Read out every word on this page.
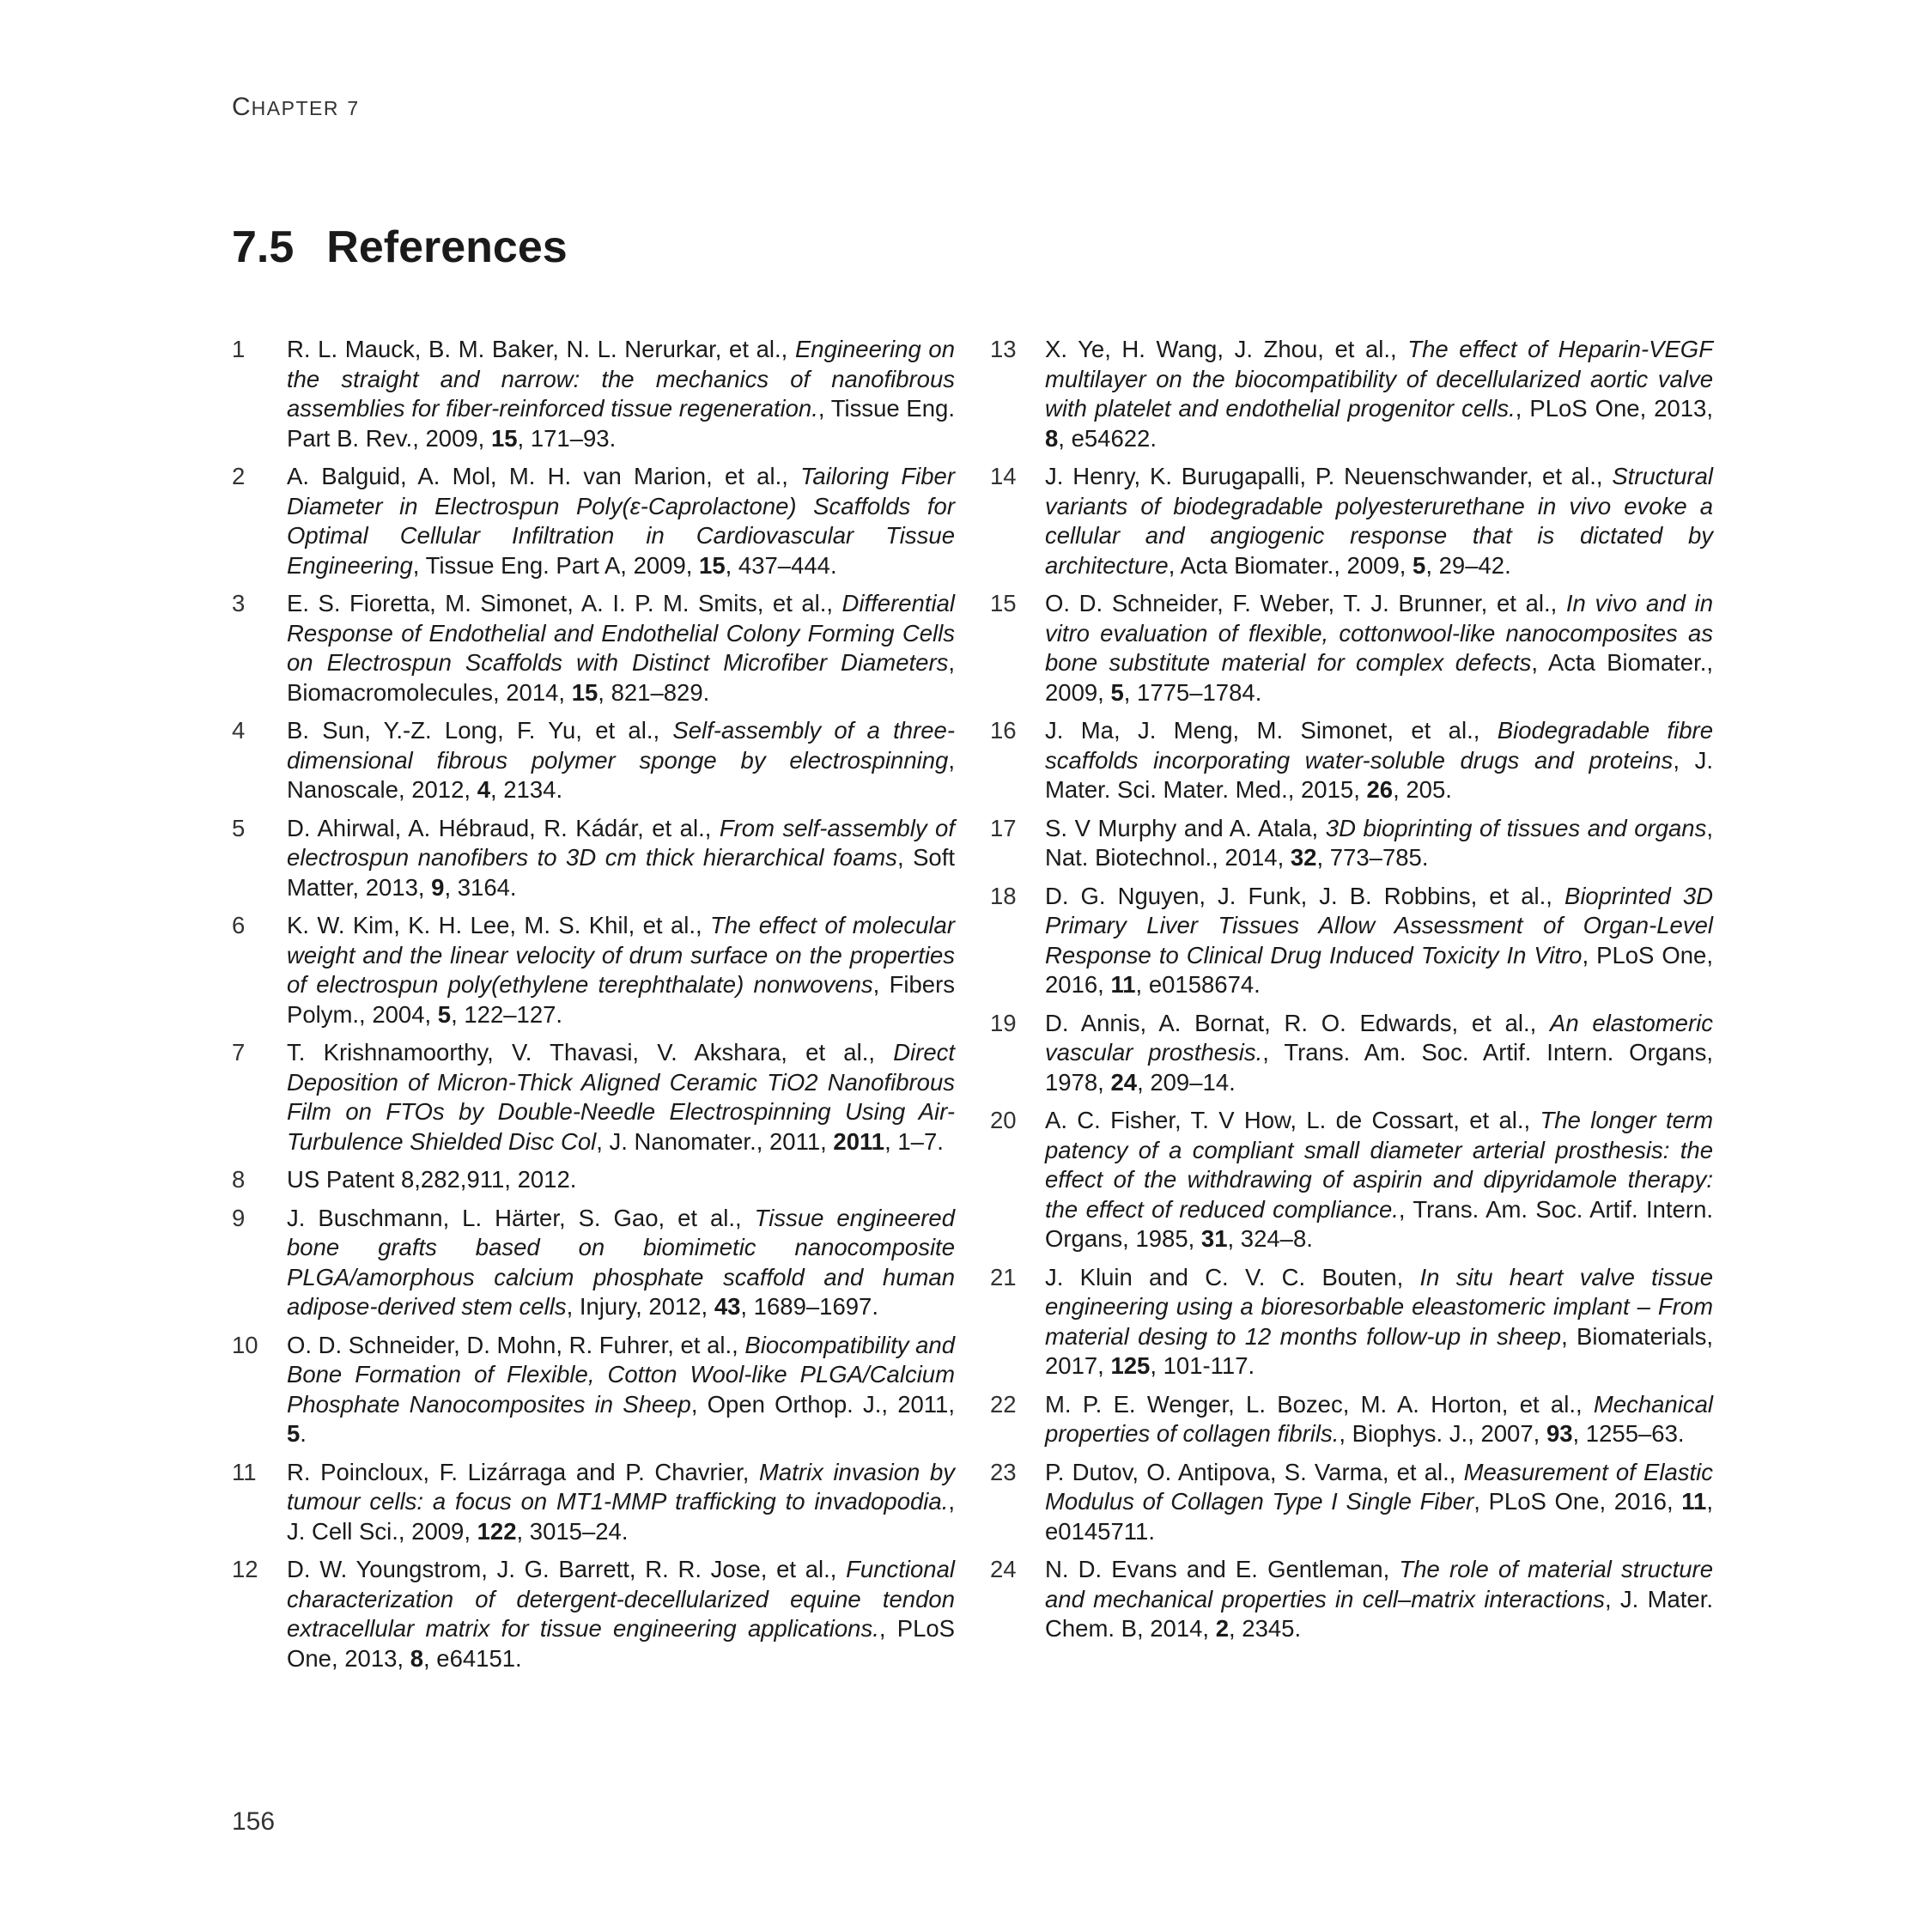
CHAPTER 7
7.5 References
1	R. L. Mauck, B. M. Baker, N. L. Nerurkar, et al., Engineering on the straight and narrow: the mechanics of nanofibrous assemblies for fiber-reinforced tissue regeneration., Tissue Eng. Part B. Rev., 2009, 15, 171–93.
2	A. Balguid, A. Mol, M. H. van Marion, et al., Tailoring Fiber Diameter in Electrospun Poly(ε-Caprolactone) Scaffolds for Optimal Cellular Infiltration in Cardiovascular Tissue Engineering, Tissue Eng. Part A, 2009, 15, 437–444.
3	E. S. Fioretta, M. Simonet, A. I. P. M. Smits, et al., Differential Response of Endothelial and Endothelial Colony Forming Cells on Electrospun Scaffolds with Distinct Microfiber Diameters, Biomacromolecules, 2014, 15, 821–829.
4	B. Sun, Y.-Z. Long, F. Yu, et al., Self-assembly of a three-dimensional fibrous polymer sponge by electrospinning, Nanoscale, 2012, 4, 2134.
5	D. Ahirwal, A. Hébraud, R. Kádár, et al., From self-assembly of electrospun nanofibers to 3D cm thick hierarchical foams, Soft Matter, 2013, 9, 3164.
6	K. W. Kim, K. H. Lee, M. S. Khil, et al., The effect of molecular weight and the linear velocity of drum surface on the properties of electrospun poly(ethylene terephthalate) nonwovens, Fibers Polym., 2004, 5, 122–127.
7	T. Krishnamoorthy, V. Thavasi, V. Akshara, et al., Direct Deposition of Micron-Thick Aligned Ceramic TiO2 Nanofibrous Film on FTOs by Double-Needle Electrospinning Using Air-Turbulence Shielded Disc Col, J. Nanomater., 2011, 2011, 1–7.
8	US Patent 8,282,911, 2012.
9	J. Buschmann, L. Härter, S. Gao, et al., Tissue engineered bone grafts based on biomimetic nanocomposite PLGA/amorphous calcium phosphate scaffold and human adipose-derived stem cells, Injury, 2012, 43, 1689–1697.
10	O. D. Schneider, D. Mohn, R. Fuhrer, et al., Biocompatibility and Bone Formation of Flexible, Cotton Wool-like PLGA/Calcium Phosphate Nanocomposites in Sheep, Open Orthop. J., 2011, 5.
11	R. Poincloux, F. Lizárraga and P. Chavrier, Matrix invasion by tumour cells: a focus on MT1-MMP trafficking to invadopodia., J. Cell Sci., 2009, 122, 3015–24.
12	D. W. Youngstrom, J. G. Barrett, R. R. Jose, et al., Functional characterization of detergent-decellularized equine tendon extracellular matrix for tissue engineering applications., PLoS One, 2013, 8, e64151.
13	X. Ye, H. Wang, J. Zhou, et al., The effect of Heparin-VEGF multilayer on the biocompatibility of decellularized aortic valve with platelet and endothelial progenitor cells., PLoS One, 2013, 8, e54622.
14	J. Henry, K. Burugapalli, P. Neuenschwander, et al., Structural variants of biodegradable polyesterurethane in vivo evoke a cellular and angiogenic response that is dictated by architecture, Acta Biomater., 2009, 5, 29–42.
15	O. D. Schneider, F. Weber, T. J. Brunner, et al., In vivo and in vitro evaluation of flexible, cottonwool-like nanocomposites as bone substitute material for complex defects, Acta Biomater., 2009, 5, 1775–1784.
16	J. Ma, J. Meng, M. Simonet, et al., Biodegradable fibre scaffolds incorporating water-soluble drugs and proteins, J. Mater. Sci. Mater. Med., 2015, 26, 205.
17	S. V Murphy and A. Atala, 3D bioprinting of tissues and organs, Nat. Biotechnol., 2014, 32, 773–785.
18	D. G. Nguyen, J. Funk, J. B. Robbins, et al., Bioprinted 3D Primary Liver Tissues Allow Assessment of Organ-Level Response to Clinical Drug Induced Toxicity In Vitro, PLoS One, 2016, 11, e0158674.
19	D. Annis, A. Bornat, R. O. Edwards, et al., An elastomeric vascular prosthesis., Trans. Am. Soc. Artif. Intern. Organs, 1978, 24, 209–14.
20	A. C. Fisher, T. V How, L. de Cossart, et al., The longer term patency of a compliant small diameter arterial prosthesis: the effect of the withdrawing of aspirin and dipyridamole therapy: the effect of reduced compliance., Trans. Am. Soc. Artif. Intern. Organs, 1985, 31, 324–8.
21	J. Kluin and C. V. C. Bouten, In situ heart valve tissue engineering using a bioresorbable eleastomeric implant – From material desing to 12 months follow-up in sheep, Biomaterials, 2017, 125, 101-117.
22	M. P. E. Wenger, L. Bozec, M. A. Horton, et al., Mechanical properties of collagen fibrils., Biophys. J., 2007, 93, 1255–63.
23	P. Dutov, O. Antipova, S. Varma, et al., Measurement of Elastic Modulus of Collagen Type I Single Fiber, PLoS One, 2016, 11, e0145711.
24	N. D. Evans and E. Gentleman, The role of material structure and mechanical properties in cell–matrix interactions, J. Mater. Chem. B, 2014, 2, 2345.
156
